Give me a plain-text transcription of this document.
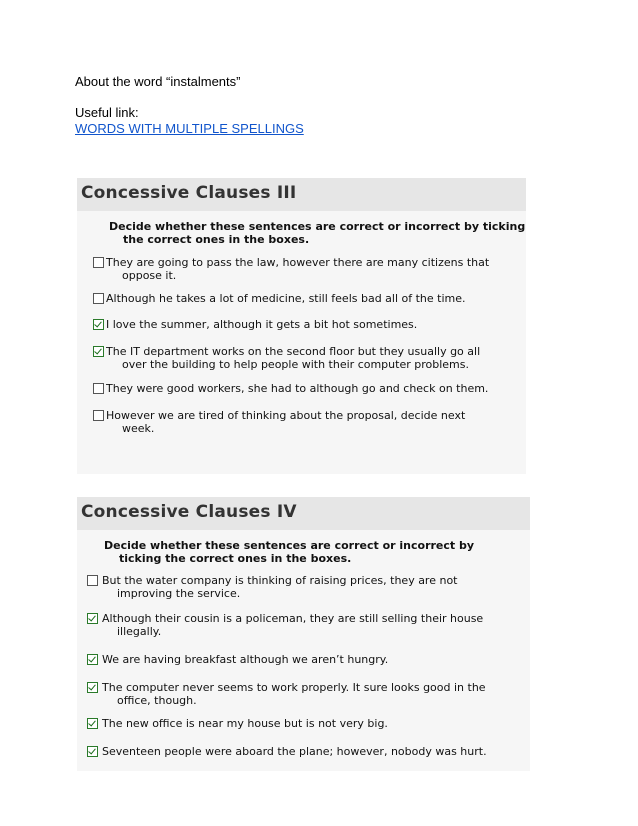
About the word “instalments”

Useful link:

WORDS WITH MULTIPLE SPELLINGS

Concessive Clauses III

Decide whether these sentences are correct or incorrect by ticking
the correct ones in the boxes.

They are going to pass the law, however there are many citizens that
oppose it.
Although he takes a lot of medicine, still feels bad all of the time.
I love the summer, although it gets a bit hot sometimes.
The IT department works on the second floor but they usually go all
over the building to help people with their computer problems.
They were good workers, she had to although go and check on them.
However we are tired of thinking about the proposal, decide next
week.
Concessive Clauses IV

Decide whether these sentences are correct or incorrect by
ticking the correct ones in the boxes.

But the water company is thinking of raising prices, they are not
improving the service.
Although their cousin is a policeman, they are still selling their house
illegally.
We are having breakfast although we aren’t hungry.
The computer never seems to work properly. It sure looks good in the
office, though.
The new office is near my house but is not very big.
Seventeen people were aboard the plane; however, nobody was hurt.
